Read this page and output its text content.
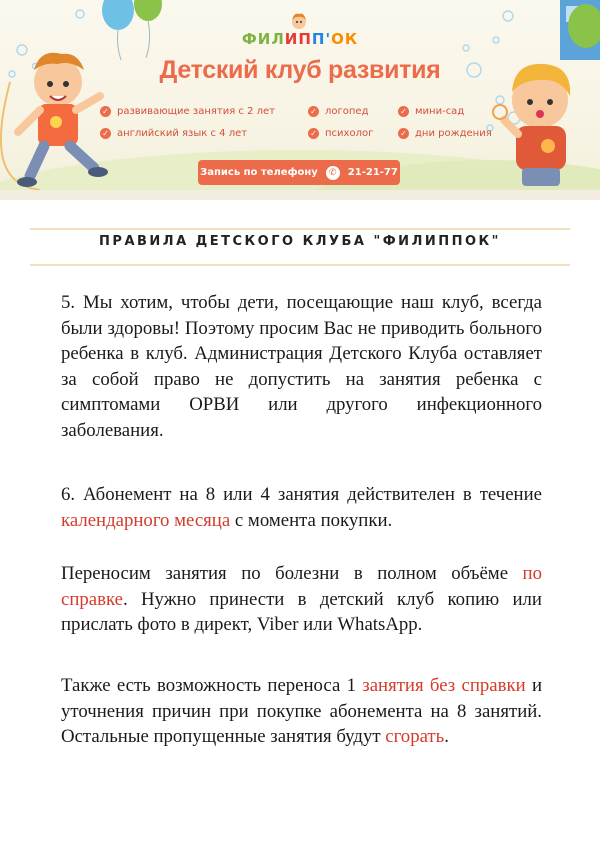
ФИЛИПП'ОК
Детский клуб развития
✓ развивающие занятия с 2 лет	✓ логопед	✓ мини-сад
✓ английский язык с 4 лет	✓ психолог	✓ дни рождения
Запись по телефону	✆	21-21-77
ПРАВИЛА ДЕТСКОГО КЛУБА "ФИЛИППОК"
5. Мы хотим, чтобы дети, посещающие наш клуб, всегда были здоровы! Поэтому просим Вас не приводить больного ребенка в клуб. Администрация Детского Клуба оставляет за собой право не допустить на занятия ребенка с симптомами ОРВИ или другого инфекционного заболевания.
6. Абонемент на 8 или 4 занятия действителен в течение календарного месяца с момента покупки.
Переносим занятия по болезни в полном объёме по справке. Нужно принести в детский клуб копию или прислать фото в директ, Viber или WhatsApp.
Также есть возможность переноса 1 занятия без справки и уточнения причин при покупке абонемента на 8 занятий. Остальные пропущенные занятия будут сгорать.
